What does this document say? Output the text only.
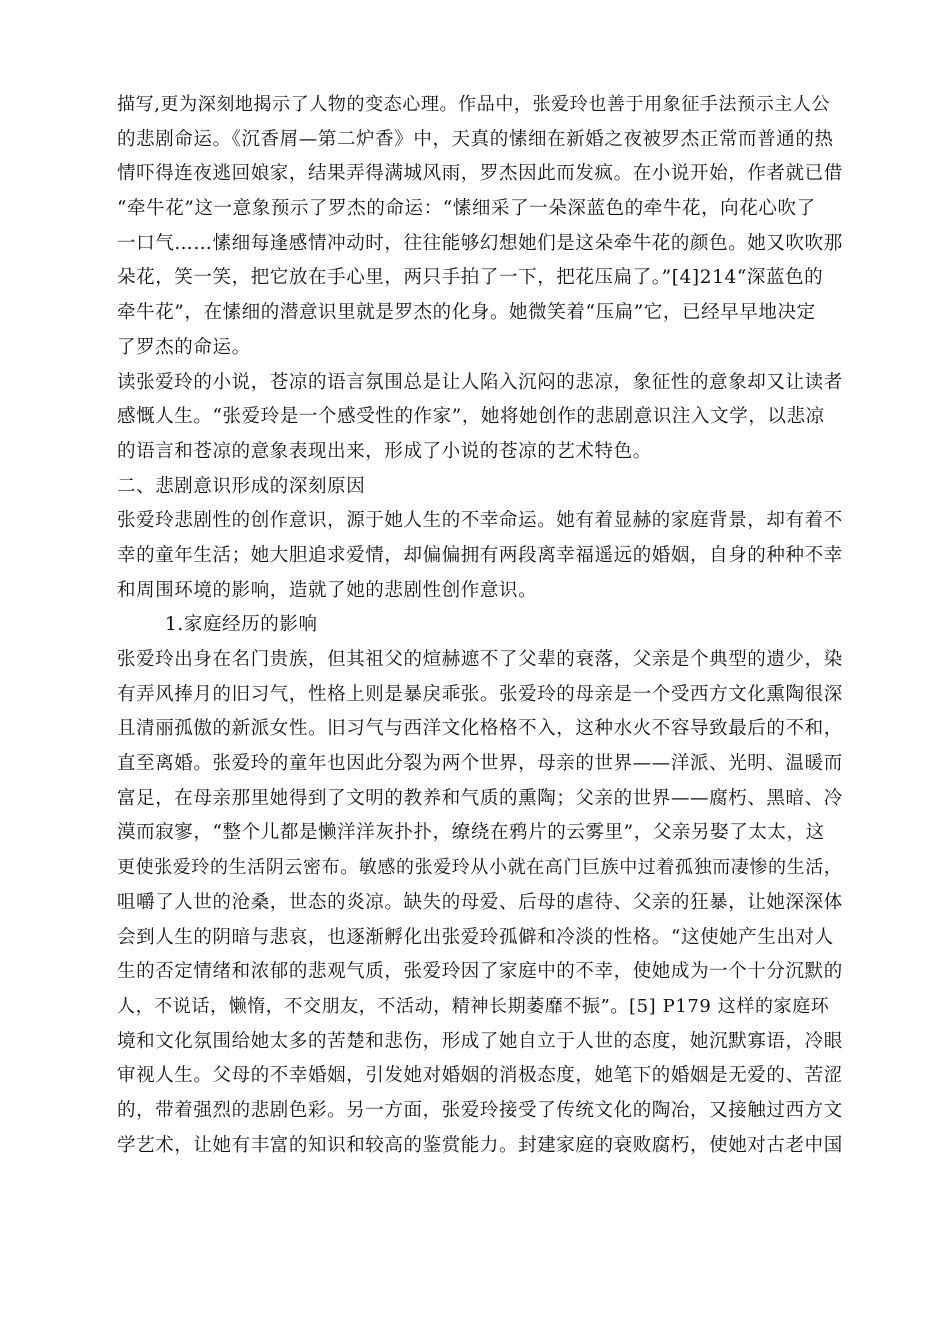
描写,更为深刻地揭示了人物的变态心理。作品中，张爱玲也善于用象征手法预示主人公
的悲剧命运。《沉香屑—第二炉香》中，天真的愫细在新婚之夜被罗杰正常而普通的热
情吓得连夜逃回娘家，结果弄得满城风雨，罗杰因此而发疯。在小说开始，作者就已借
“牵牛花”这一意象预示了罗杰的命运：“愫细采了一朵深蓝色的牵牛花，向花心吹了
一口气……愫细每逢感情冲动时，往往能够幻想她们是这朵牵牛花的颜色。她又吹吹那
朵花，笑一笑，把它放在手心里，两只手拍了一下，把花压扁了。”[4]214“深蓝色的
牵牛花”，在愫细的潜意识里就是罗杰的化身。她微笑着“压扁”它，已经早早地决定
了罗杰的命运。
读张爱玲的小说，苍凉的语言氛围总是让人陷入沉闷的悲凉，象征性的意象却又让读者
感慨人生。“张爱玲是一个感受性的作家”，她将她创作的悲剧意识注入文学，以悲凉
的语言和苍凉的意象表现出来，形成了小说的苍凉的艺术特色。
二、悲剧意识形成的深刻原因
张爱玲悲剧性的创作意识，源于她人生的不幸命运。她有着显赫的家庭背景，却有着不
幸的童年生活；她大胆追求爱情，却偏偏拥有两段离幸福遥远的婚姻，自身的种种不幸
和周围环境的影响，造就了她的悲剧性创作意识。
1.家庭经历的影响
张爱玲出身在名门贵族，但其祖父的煊赫遮不了父辈的衰落，父亲是个典型的遗少，染
有弄风捧月的旧习气，性格上则是暴戾乖张。张爱玲的母亲是一个受西方文化熏陶很深
且清丽孤傲的新派女性。旧习气与西洋文化格格不入，这种水火不容导致最后的不和，
直至离婚。张爱玲的童年也因此分裂为两个世界，母亲的世界——洋派、光明、温暖而
富足，在母亲那里她得到了文明的教养和气质的熏陶；父亲的世界——腐朽、黑暗、冷
漠而寂寥，“整个儿都是懒洋洋灰扑扑，缭绕在鸦片的云雾里”，父亲另娶了太太，这
更使张爱玲的生活阴云密布。敏感的张爱玲从小就在高门巨族中过着孤独而凄惨的生活，
咀嚼了人世的沧桑，世态的炎凉。缺失的母爱、后母的虐待、父亲的狂暴，让她深深体
会到人生的阴暗与悲哀，也逐渐孵化出张爱玲孤僻和冷淡的性格。“这使她产生出对人
生的否定情绪和浓郁的悲观气质，张爱玲因了家庭中的不幸，使她成为一个十分沉默的
人，不说话，懒惰，不交朋友，不活动，精神长期萎靡不振”。[5] P179 这样的家庭环
境和文化氛围给她太多的苦楚和悲伤，形成了她自立于人世的态度，她沉默寡语，冷眼
审视人生。父母的不幸婚姻，引发她对婚姻的消极态度，她笔下的婚姻是无爱的、苦涩
的，带着强烈的悲剧色彩。另一方面，张爱玲接受了传统文化的陶冶，又接触过西方文
学艺术，让她有丰富的知识和较高的鉴赏能力。封建家庭的衰败腐朽，使她对古老中国
